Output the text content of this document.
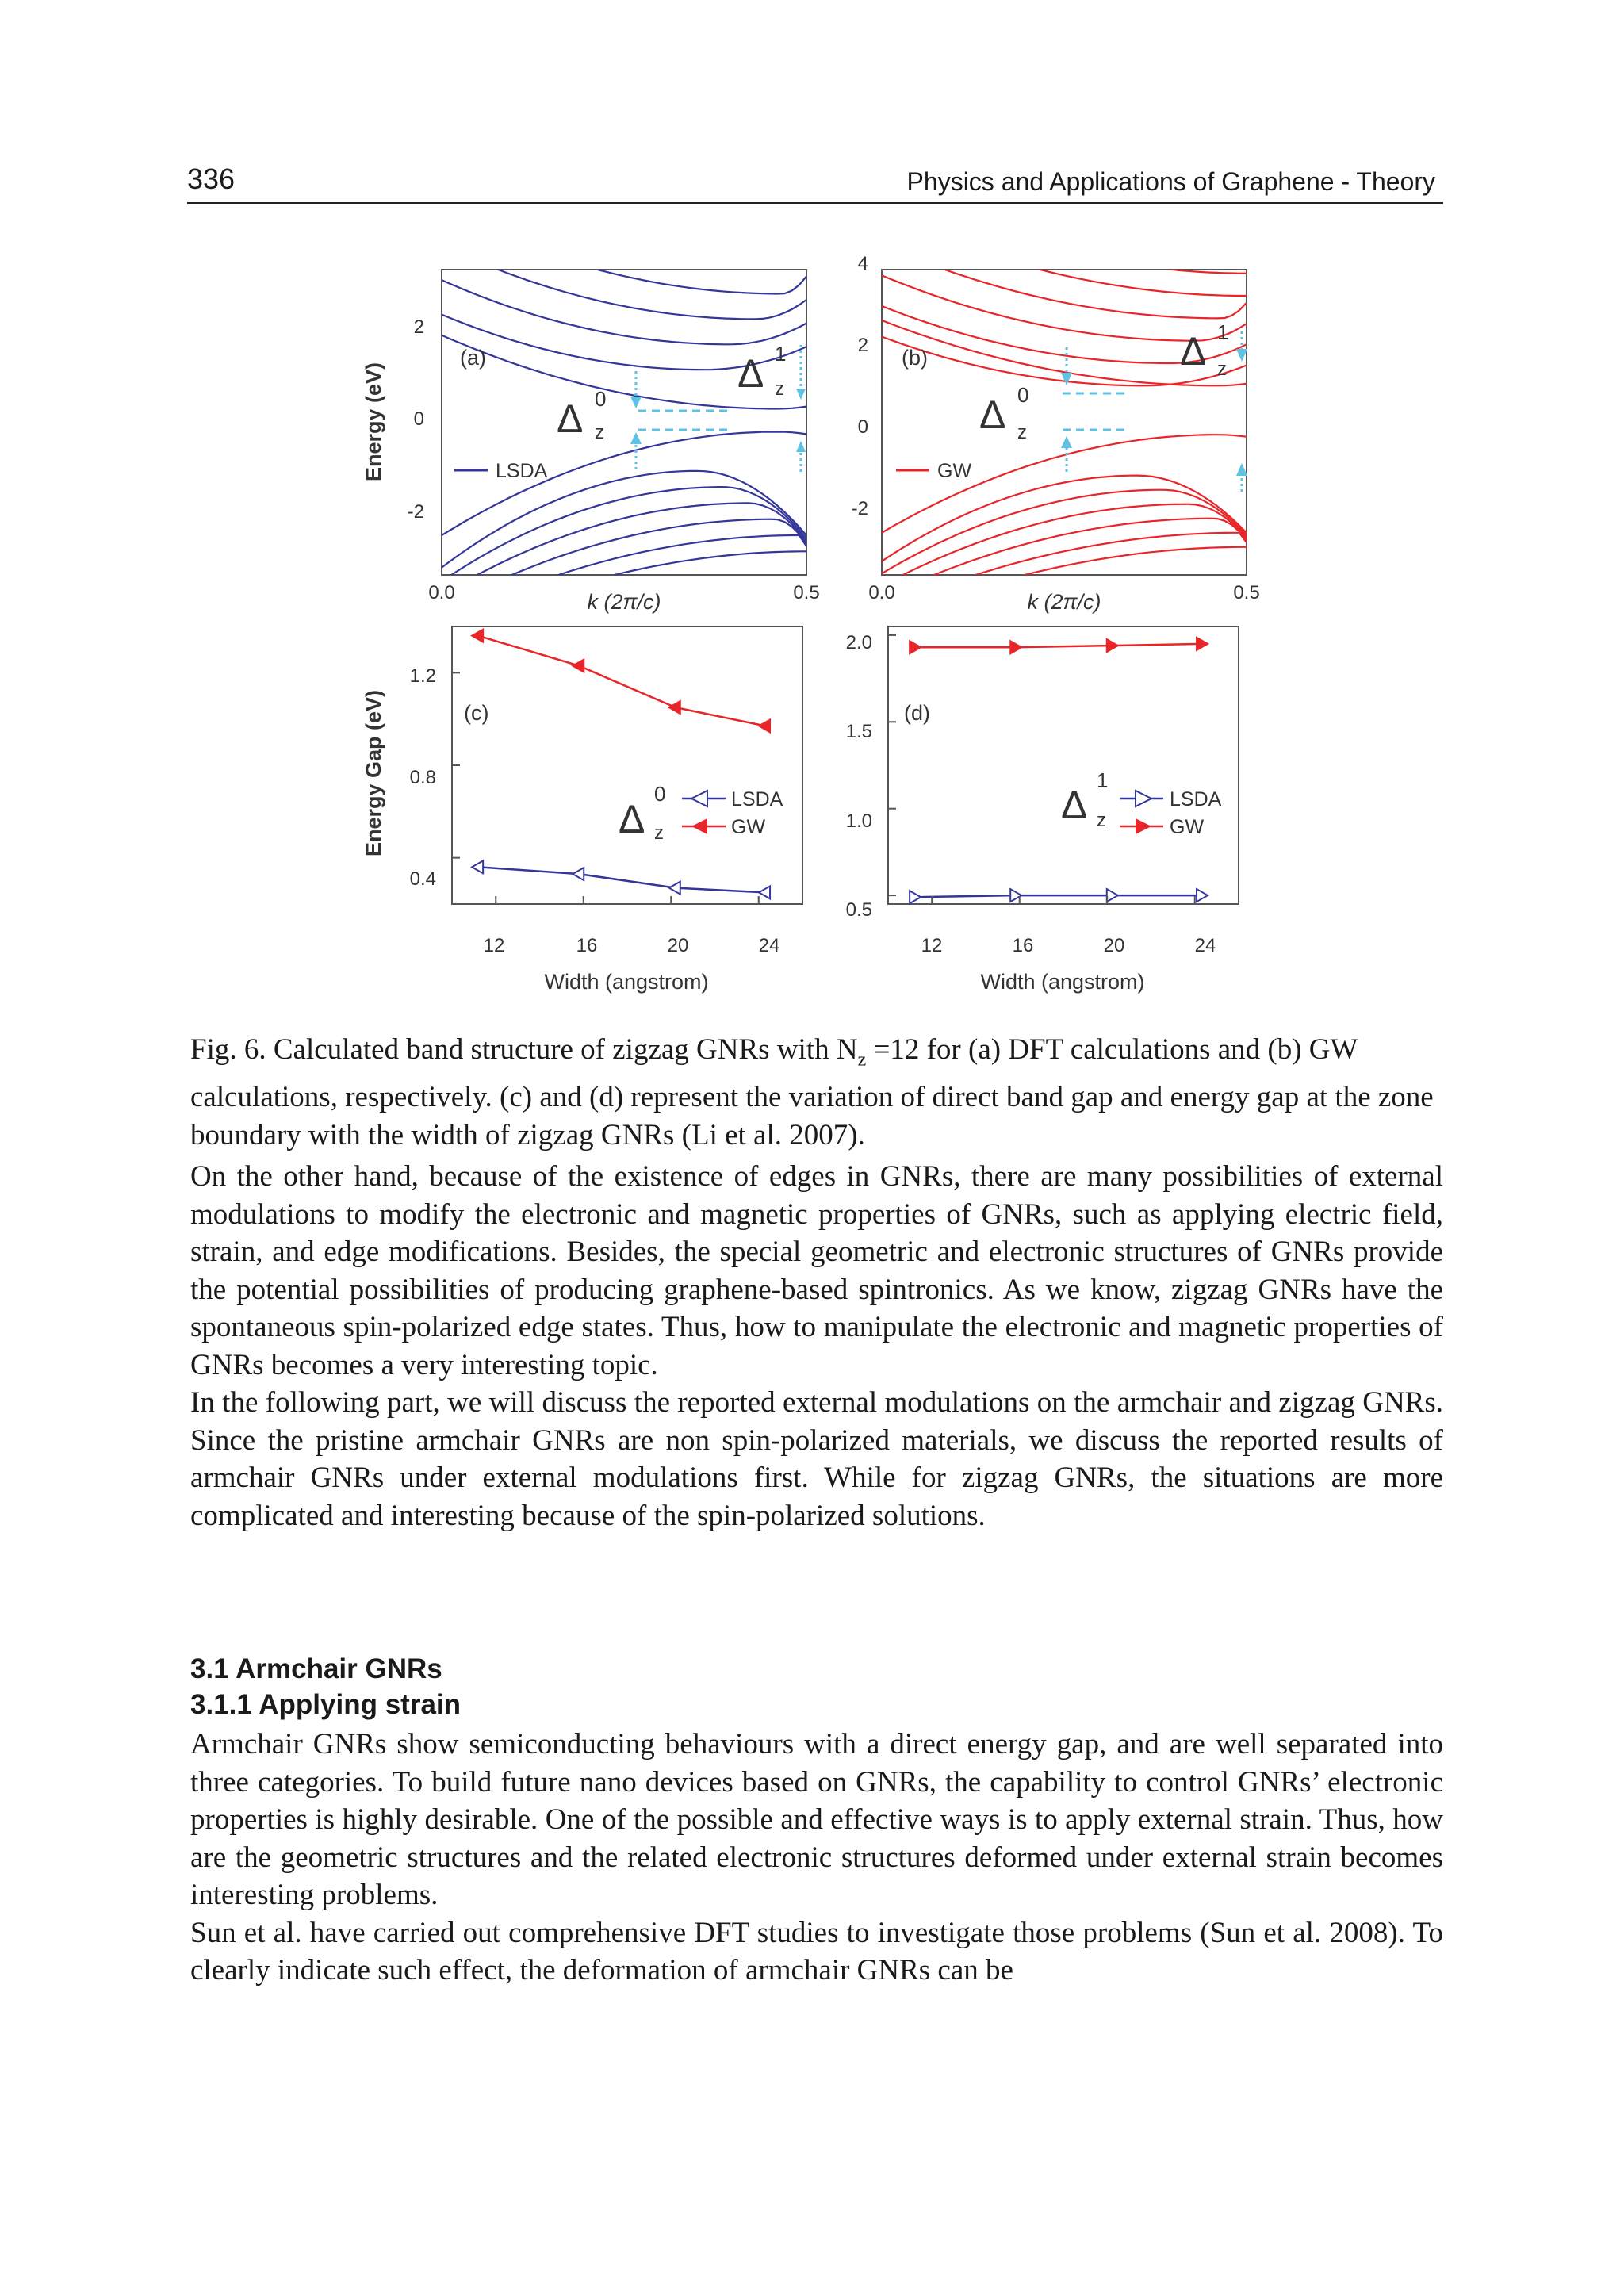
336	Physics and Applications of Graphene - Theory
2
0
-2
0.0	0.5
k (2π/c)
Energy (eV)
(a)
LSDA
Δ 0
z
Δ 1
z
4
2
0
-2
0.0	0.5
k (2π/c)
(b)
GW
Δ 0
z
Δ 1
z
1.2
0.8
0.4
12	16	20	24
Width (angstrom)
Energy Gap (eV)	(c)
Δ
0
z
LSDA
GW
2.0
1.5
1.0
0.5
12	16	20	24
Width (angstrom)
(d)
Δ
1
z
LSDA
GW
Fig. 6. Calculated band structure of zigzag GNRs with $N_z =12$ for (a) DFT calculations and (b) GW calculations, respectively. (c) and (d) represent the variation of direct band gap and energy gap at the zone boundary with the width of zigzag GNRs (Li et al. 2007).

On the other hand, because of the existence of edges in GNRs, there are many possibilities of external modulations to modify the electronic and magnetic properties of GNRs, such as applying electric field, strain, and edge modifications. Besides, the special geometric and electronic structures of GNRs provide the potential possibilities of producing graphene-based spintronics. As we know, zigzag GNRs have the spontaneous spin-polarized edge states. Thus, how to manipulate the electronic and magnetic properties of GNRs becomes a very interesting topic.

In the following part, we will discuss the reported external modulations on the armchair and zigzag GNRs. Since the pristine armchair GNRs are non spin-polarized materials, we discuss the reported results of armchair GNRs under external modulations first. While for zigzag GNRs, the situations are more complicated and interesting because of the spin-polarized solutions.

3.1 Armchair GNRs
3.1.1 Applying strain

Armchair GNRs show semiconducting behaviours with a direct energy gap, and are well separated into three categories. To build future nano devices based on GNRs, the capability to control GNRs’ electronic properties is highly desirable. One of the possible and effective ways is to apply external strain. Thus, how are the geometric structures and the related electronic structures deformed under external strain becomes interesting problems.

Sun et al. have carried out comprehensive DFT studies to investigate those problems (Sun et al. 2008). To clearly indicate such effect, the deformation of armchair GNRs can be
